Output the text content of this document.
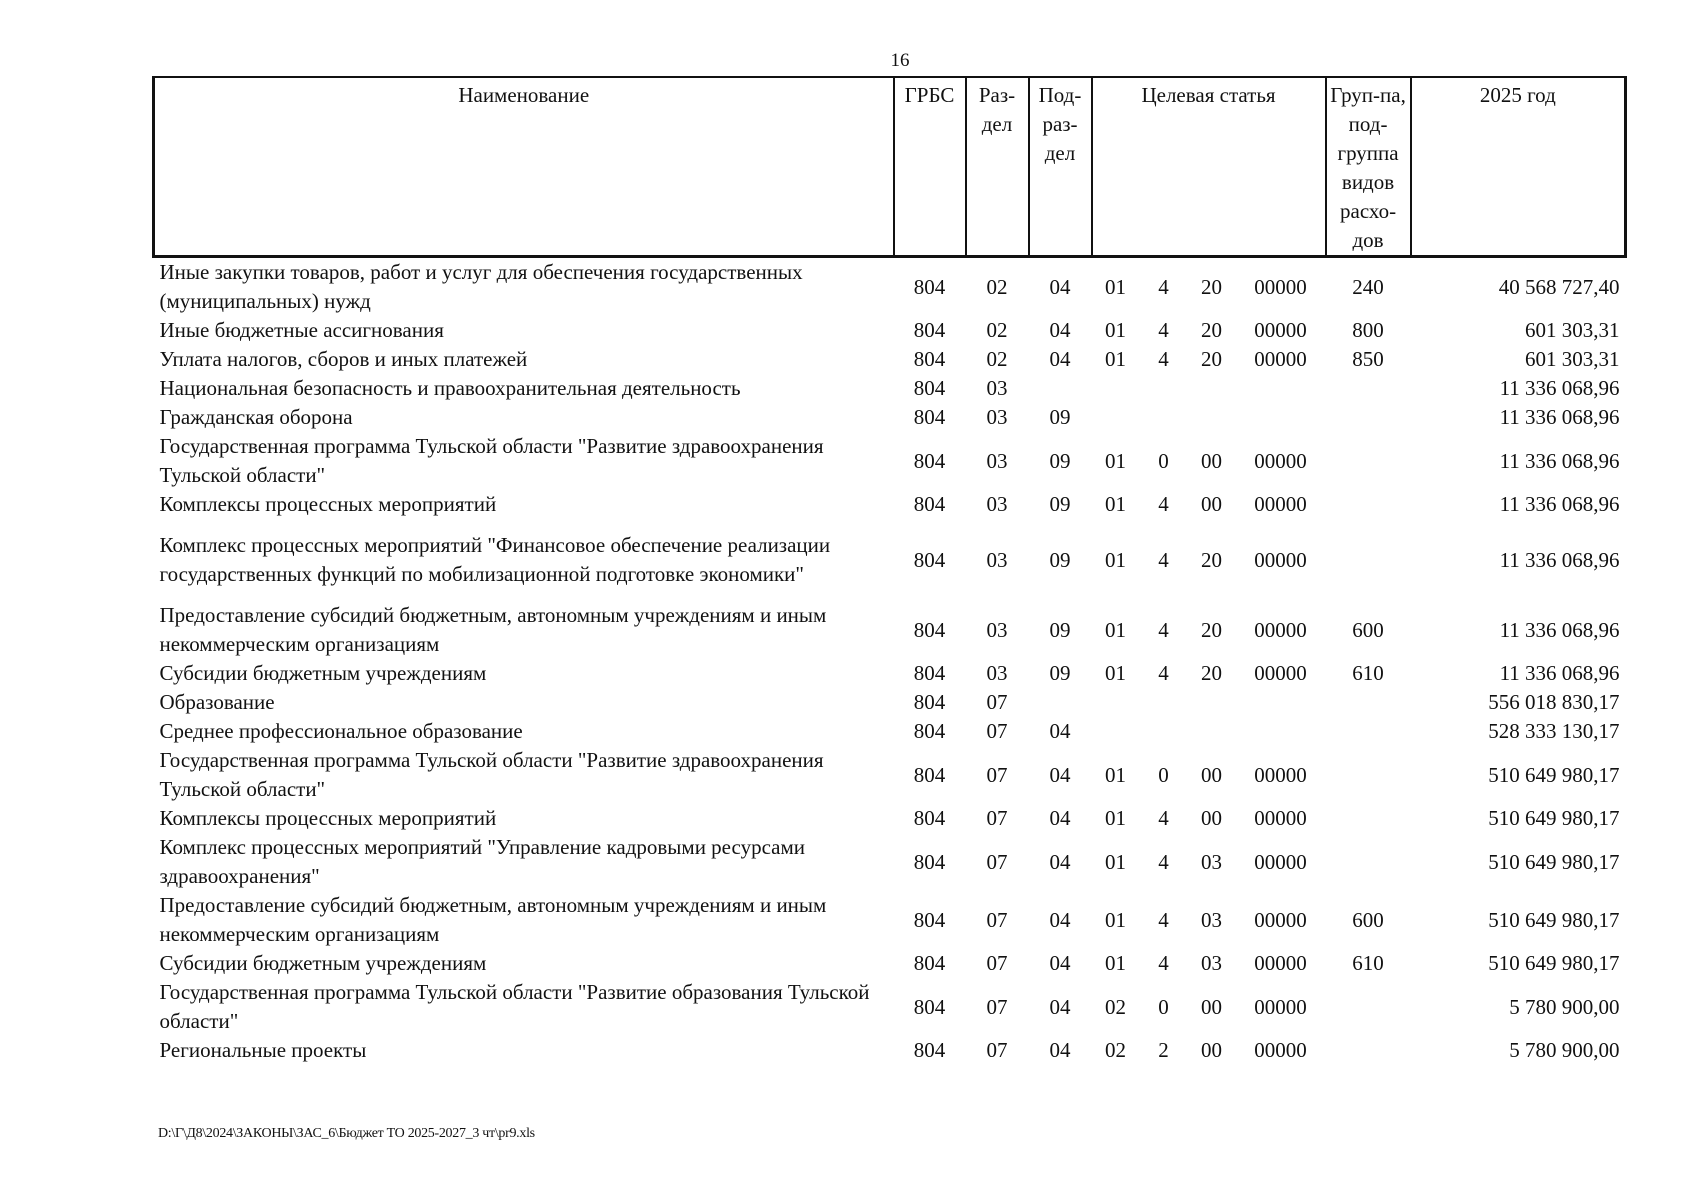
16
Наименование	ГРБС	Раз-дел	Под-раз-дел	Целевая статья				Груп-па, под-группа видов расхо-дов	2025 год
Иные закупки товаров, работ и услуг для обеспечения государственных (муниципальных) нужд	804	02	04	01	4	20	00000	240	40 568 727,40
Иные бюджетные ассигнования	804	02	04	01	4	20	00000	800	601 303,31
Уплата налогов, сборов и иных платежей	804	02	04	01	4	20	00000	850	601 303,31
Национальная безопасность и правоохранительная деятельность	804	03							11 336 068,96
Гражданская оборона	804	03	09						11 336 068,96
Государственная программа Тульской области "Развитие здравоохранения Тульской области"	804	03	09	01	0	00	00000		11 336 068,96
Комплексы процессных мероприятий	804	03	09	01	4	00	00000		11 336 068,96
Комплекс процессных мероприятий "Финансовое обеспечение реализации государственных функций по мобилизационной подготовке экономики"	804	03	09	01	4	20	00000		11 336 068,96
Предоставление субсидий бюджетным, автономным учреждениям и иным некоммерческим организациям	804	03	09	01	4	20	00000	600	11 336 068,96
Субсидии бюджетным учреждениям	804	03	09	01	4	20	00000	610	11 336 068,96
Образование	804	07							556 018 830,17
Среднее профессиональное образование	804	07	04						528 333 130,17
Государственная программа Тульской области "Развитие здравоохранения Тульской области"	804	07	04	01	0	00	00000		510 649 980,17
Комплексы процессных мероприятий	804	07	04	01	4	00	00000		510 649 980,17
Комплекс процессных мероприятий "Управление кадровыми ресурсами здравоохранения"	804	07	04	01	4	03	00000		510 649 980,17
Предоставление субсидий бюджетным, автономным учреждениям и иным некоммерческим организациям	804	07	04	01	4	03	00000	600	510 649 980,17
Субсидии бюджетным учреждениям	804	07	04	01	4	03	00000	610	510 649 980,17
Государственная программа Тульской области "Развитие образования Тульской области"	804	07	04	02	0	00	00000		5 780 900,00
Региональные проекты	804	07	04	02	2	00	00000		5 780 900,00
D:\Г\Д8\2024\ЗАКОНЫ\ЗАС_6\Бюджет ТО 2025-2027_3 чт\pr9.xls
